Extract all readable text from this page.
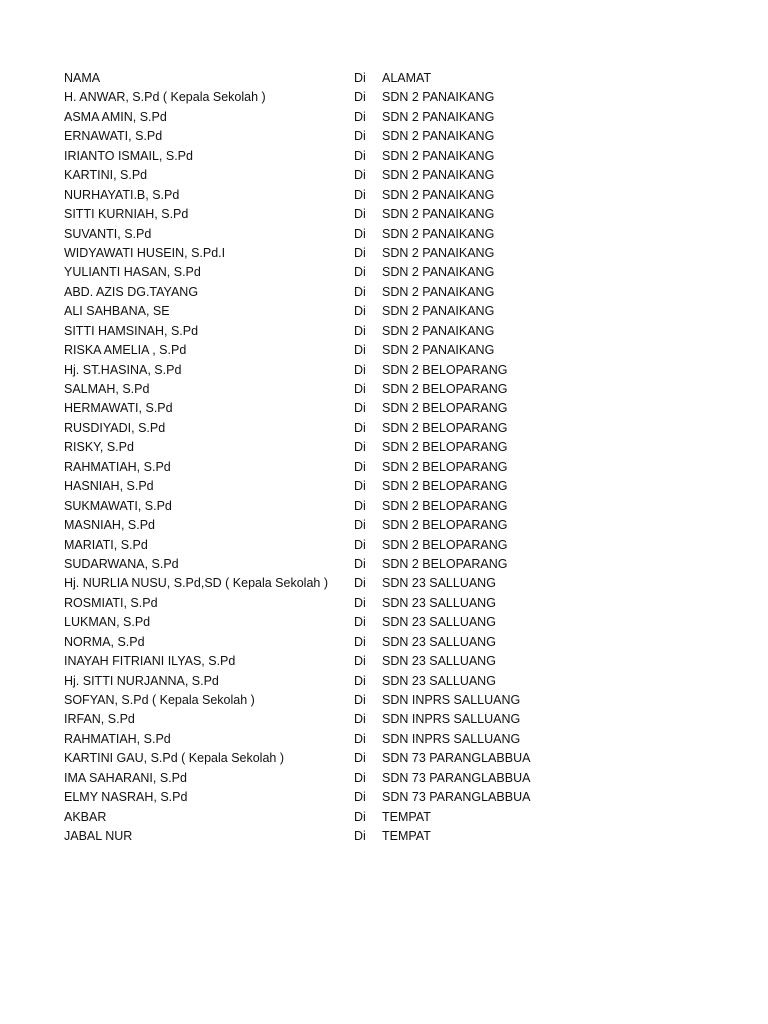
NAMA	Di ALAMAT
H. ANWAR, S.Pd ( Kepala Sekolah )	Di SDN 2 PANAIKANG
ASMA AMIN, S.Pd	Di SDN 2 PANAIKANG
ERNAWATI, S.Pd	Di SDN 2 PANAIKANG
IRIANTO ISMAIL, S.Pd	Di SDN 2 PANAIKANG
KARTINI, S.Pd	Di SDN 2 PANAIKANG
NURHAYATI.B, S.Pd	Di SDN 2 PANAIKANG
SITTI KURNIAH, S.Pd	Di SDN 2 PANAIKANG
SUVANTI, S.Pd	Di SDN 2 PANAIKANG
WIDYAWATI HUSEIN, S.Pd.I	Di SDN 2 PANAIKANG
YULIANTI HASAN, S.Pd	Di SDN 2 PANAIKANG
ABD. AZIS DG.TAYANG	Di SDN 2 PANAIKANG
ALI SAHBANA, SE	Di SDN 2 PANAIKANG
SITTI HAMSINAH, S.Pd	Di SDN 2 PANAIKANG
RISKA AMELIA , S.Pd	Di SDN 2 PANAIKANG
Hj. ST.HASINA, S.Pd	Di SDN 2 BELOPARANG
SALMAH, S.Pd	Di SDN 2 BELOPARANG
HERMAWATI, S.Pd	Di SDN 2 BELOPARANG
RUSDIYADI, S.Pd	Di SDN 2 BELOPARANG
RISKY, S.Pd	Di SDN 2 BELOPARANG
RAHMATIAH, S.Pd	Di SDN 2 BELOPARANG
HASNIAH, S.Pd	Di SDN 2 BELOPARANG
SUKMAWATI, S.Pd	Di SDN 2 BELOPARANG
MASNIAH, S.Pd	Di SDN 2 BELOPARANG
MARIATI, S.Pd	Di SDN 2 BELOPARANG
SUDARWANA, S.Pd	Di SDN 2 BELOPARANG
Hj. NURLIA NUSU, S.Pd,SD ( Kepala Sekolah ) Di SDN 23 SALLUANG
ROSMIATI, S.Pd	Di SDN 23 SALLUANG
LUKMAN, S.Pd	Di SDN 23 SALLUANG
NORMA, S.Pd	Di SDN 23 SALLUANG
INAYAH FITRIANI ILYAS, S.Pd	Di SDN 23 SALLUANG
Hj. SITTI NURJANNA, S.Pd	Di SDN 23 SALLUANG
SOFYAN, S.Pd ( Kepala Sekolah )	Di SDN INPRS SALLUANG
IRFAN, S.Pd	Di SDN INPRS SALLUANG
RAHMATIAH, S.Pd	Di SDN INPRS SALLUANG
KARTINI GAU, S.Pd ( Kepala Sekolah )	Di SDN 73 PARANGLABBUA
IMA SAHARANI, S.Pd	Di SDN 73 PARANGLABBUA
ELMY NASRAH, S.Pd	Di SDN 73 PARANGLABBUA
AKBAR	Di TEMPAT
JABAL NUR	Di TEMPAT
